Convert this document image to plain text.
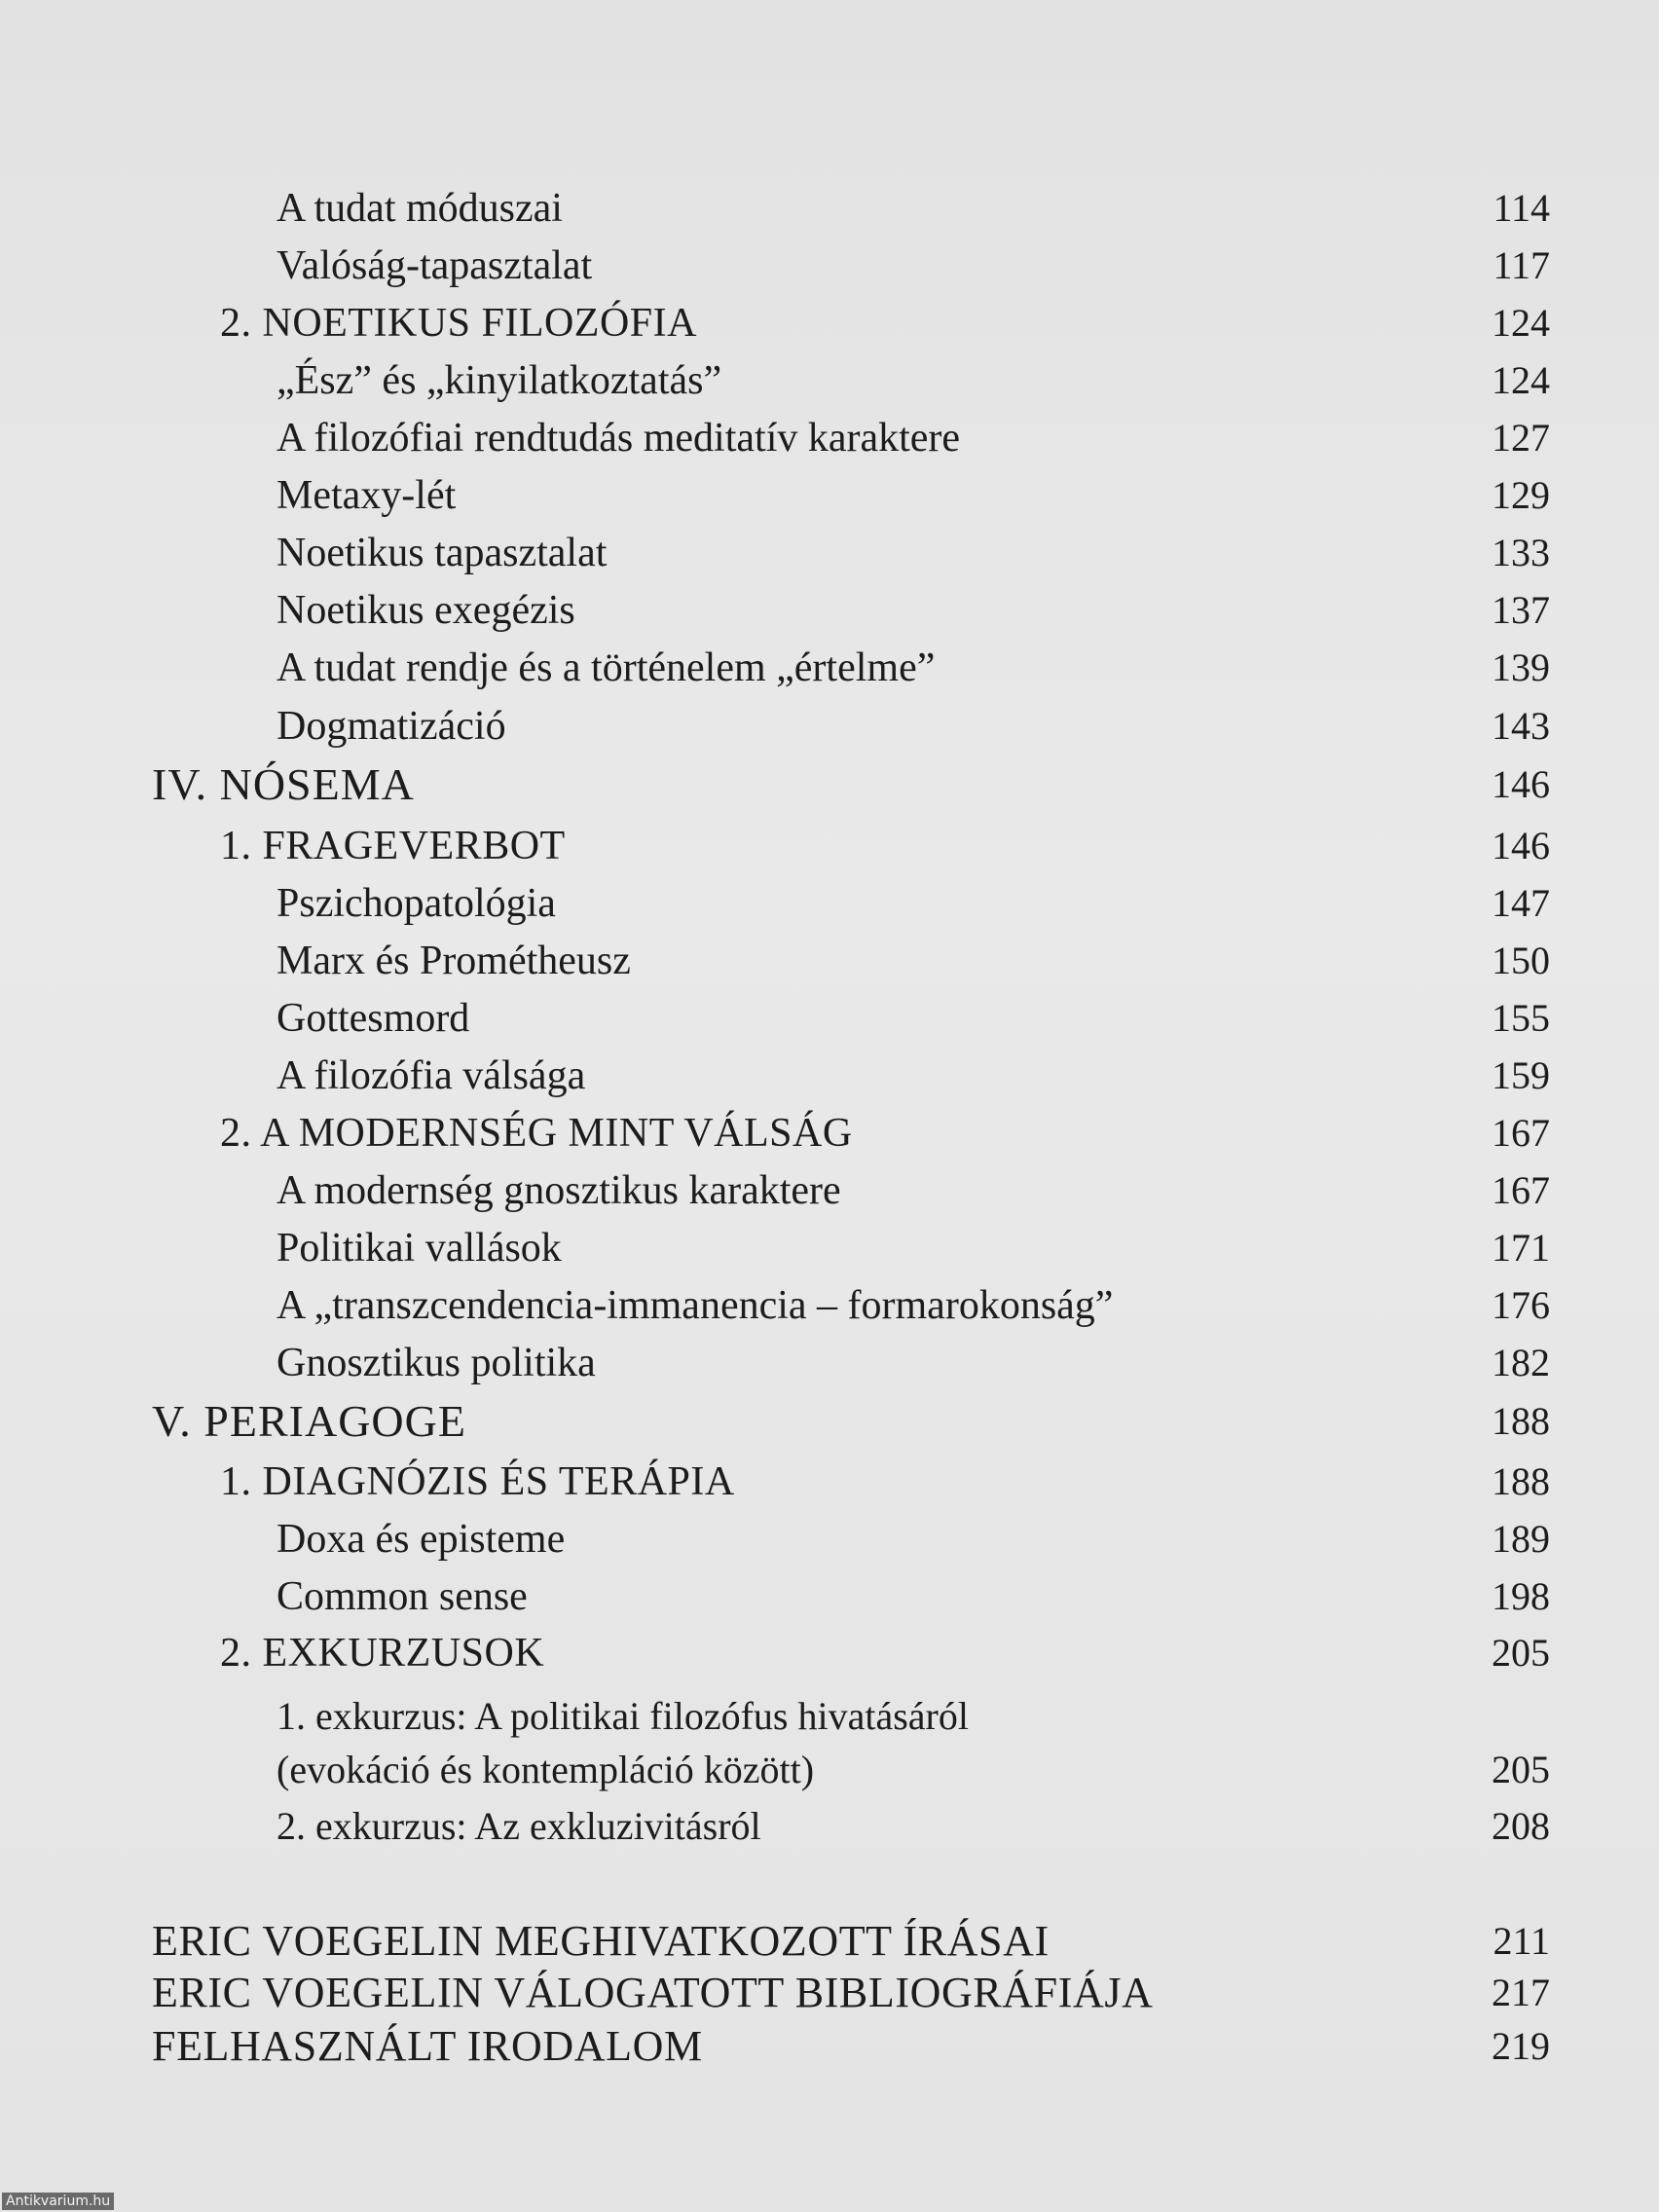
A tudat móduszai	114
Valóság-tapasztalat	117
2. NOETIKUS FILOZÓFIA	124
„Ész” és „kinyilatkoztatás”	124
A filozófiai rendtudás meditatív karaktere	127
Metaxy-lét	129
Noetikus tapasztalat	133
Noetikus exegézis	137
A tudat rendje és a történelem „értelme”	139
Dogmatizáció	143
IV. NÓSEMA	146
1. FRAGEVERBOT	146
Pszichopatológia	147
Marx és Prométheusz	150
Gottesmord	155
A filozófia válsága	159
2. A MODERNSÉG MINT VÁLSÁG	167
A modernség gnosztikus karaktere	167
Politikai vallások	171
A „transzcendencia-immanencia – formarokonság”	176
Gnosztikus politika	182
V. PERIAGOGE	188
1. DIAGNÓZIS ÉS TERÁPIA	188
Doxa és episteme	189
Common sense	198
2. EXKURZUSOK	205
1. exkurzus: A politikai filozófus hivatásáról
(evokáció és kontempláció között)	205
2. exkurzus: Az exkluzivitásról	208
ERIC VOEGELIN MEGHIVATKOZOTT ÍRÁSAI	211
ERIC VOEGELIN VÁLOGATOTT BIBLIOGRÁFIÁJA	217
FELHASZNÁLT IRODALOM	219
Antikvarium.hu
